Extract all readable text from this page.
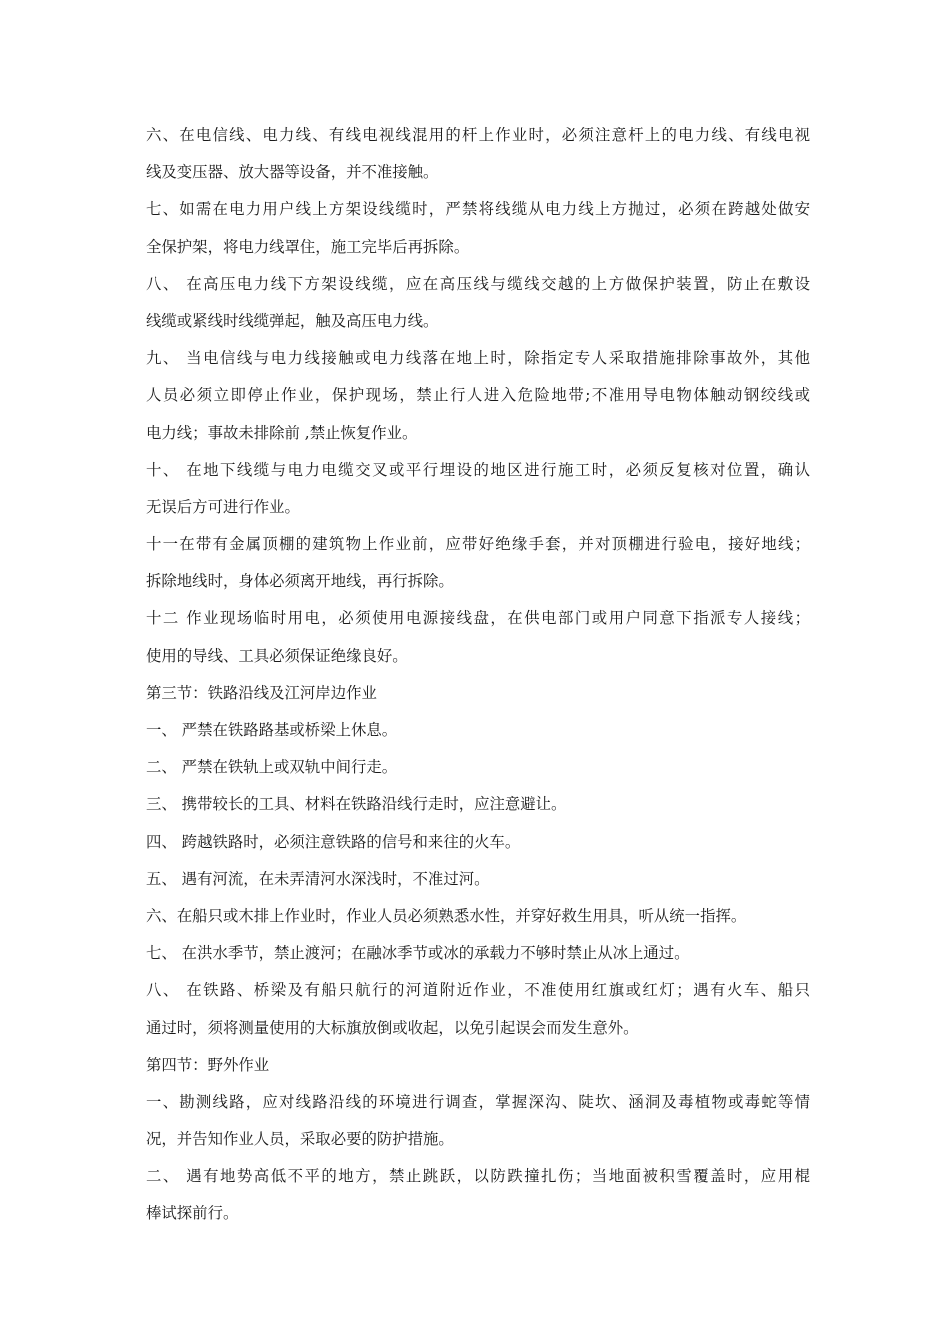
六、在电信线、电力线、有线电视线混用的杆上作业时，必须注意杆上的电力线、有线电视
线及变压器、放大器等设备，并不准接触。
七、如需在电力用户线上方架设线缆时，严禁将线缆从电力线上方抛过，必须在跨越处做安
全保护架，将电力线罩住，施工完毕后再拆除。
八、 在高压电力线下方架设线缆，应在高压线与缆线交越的上方做保护装置，防止在敷设
线缆或紧线时线缆弹起，触及高压电力线。
九、 当电信线与电力线接触或电力线落在地上时，除指定专人采取措施排除事故外，其他
人员必须立即停止作业，保护现场，禁止行人进入危险地带;不准用导电物体触动钢绞线或
电力线；事故未排除前 ,禁止恢复作业。
十、 在地下线缆与电力电缆交叉或平行埋设的地区进行施工时，必须反复核对位置，确认
无误后方可进行作业。
十一在带有金属顶棚的建筑物上作业前，应带好绝缘手套，并对顶棚进行验电，接好地线；
拆除地线时，身体必须离开地线，再行拆除。
十二 作业现场临时用电，必须使用电源接线盘，在供电部门或用户同意下指派专人接线；
使用的导线、工具必须保证绝缘良好。
第三节：铁路沿线及江河岸边作业
一、 严禁在铁路路基或桥梁上休息。
二、 严禁在铁轨上或双轨中间行走。
三、 携带较长的工具、材料在铁路沿线行走时，应注意避让。
四、 跨越铁路时，必须注意铁路的信号和来往的火车。
五、 遇有河流，在未弄清河水深浅时，不准过河。
六、在船只或木排上作业时，作业人员必须熟悉水性，并穿好救生用具，听从统一指挥。
七、 在洪水季节，禁止渡河；在融冰季节或冰的承载力不够时禁止从冰上通过。
八、 在铁路、桥梁及有船只航行的河道附近作业，不准使用红旗或红灯；遇有火车、船只
通过时，须将测量使用的大标旗放倒或收起，以免引起误会而发生意外。
第四节：野外作业
一、勘测线路，应对线路沿线的环境进行调查，掌握深沟、陡坎、涵洞及毒植物或毒蛇等情
况，并告知作业人员，采取必要的防护措施。
二、 遇有地势高低不平的地方，禁止跳跃，以防跌撞扎伤；当地面被积雪覆盖时，应用棍
棒试探前行。
